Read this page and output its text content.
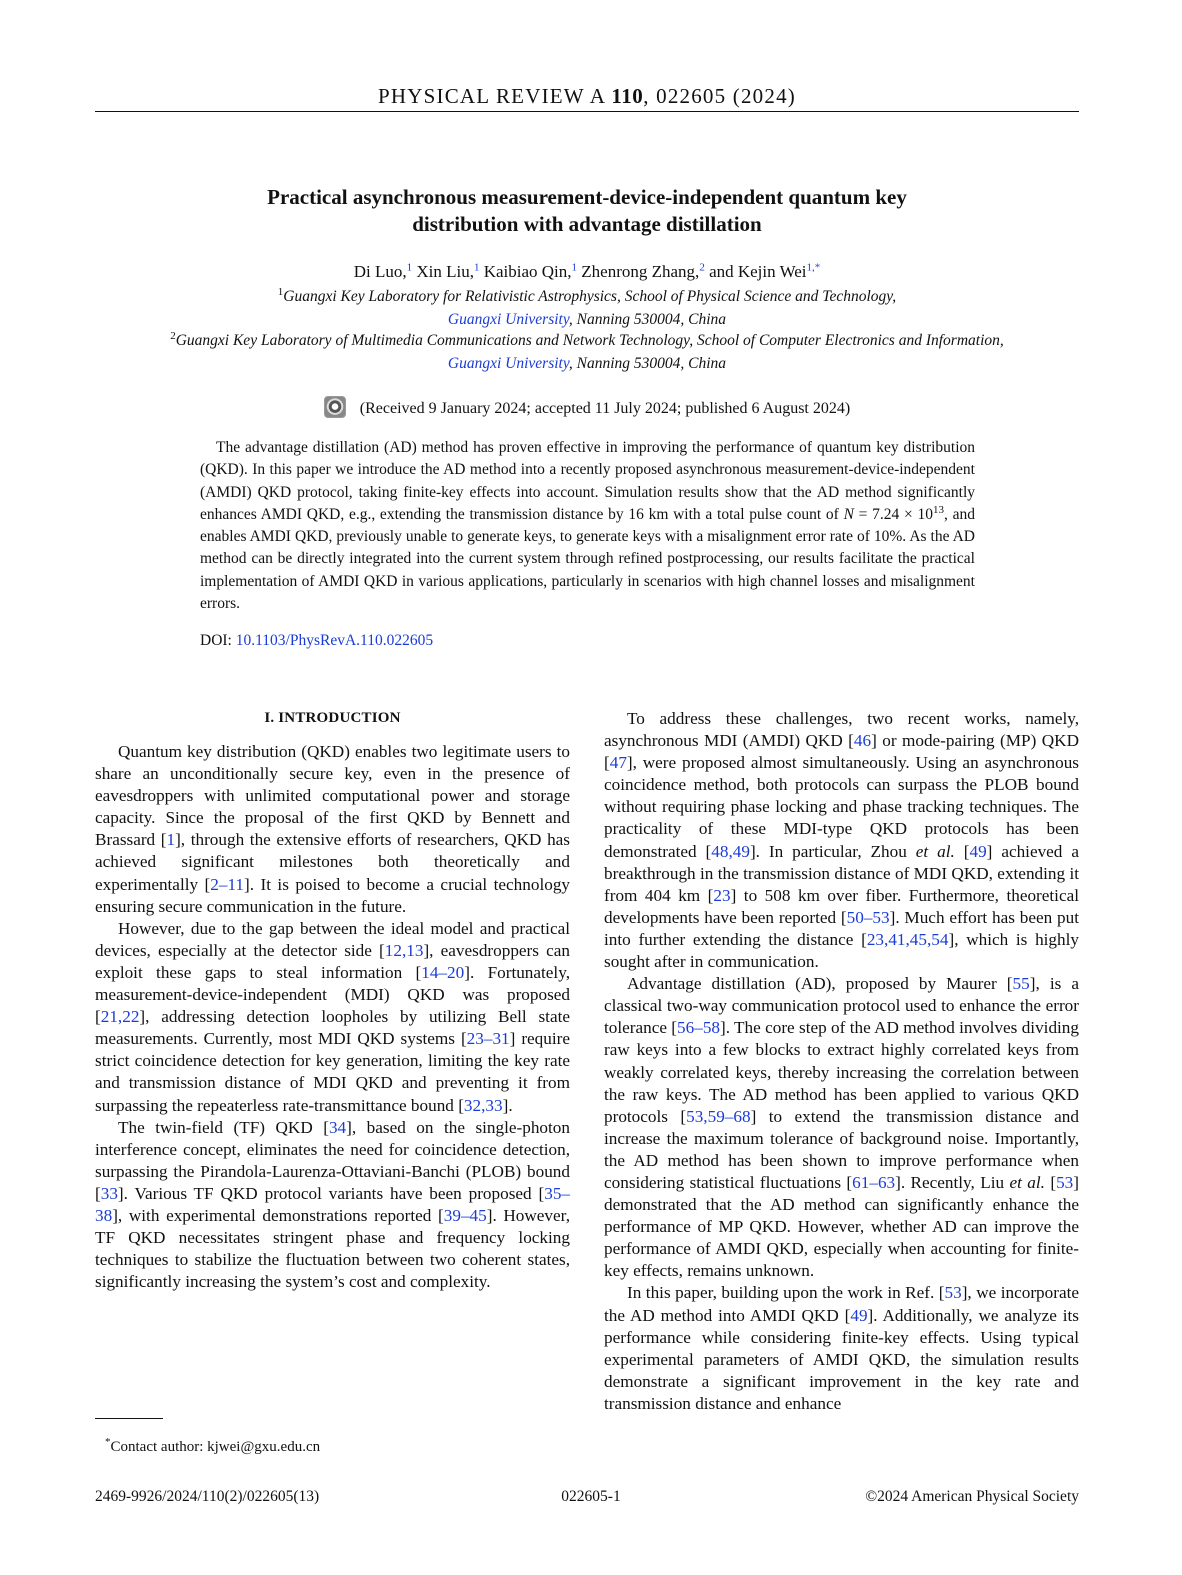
PHYSICAL REVIEW A 110, 022605 (2024)
Practical asynchronous measurement-device-independent quantum key
distribution with advantage distillation
Di Luo,$^1$ Xin Liu,$^1$ Kaibiao Qin,$^1$ Zhenrong Zhang,$^2$ and Kejin Wei$^{1,*}$
$^1$Guangxi Key Laboratory for Relativistic Astrophysics, School of Physical Science and Technology,
Guangxi University, Nanning 530004, China
$^2$Guangxi Key Laboratory of Multimedia Communications and Network Technology, School of Computer Electronics and Information,
Guangxi University, Nanning 530004, China
(Received 9 January 2024; accepted 11 July 2024; published 6 August 2024)
The advantage distillation (AD) method has proven effective in improving the performance of quantum key distribution (QKD). In this paper we introduce the AD method into a recently proposed asynchronous measurement-device-independent (AMDI) QKD protocol, taking finite-key effects into account. Simulation results show that the AD method significantly enhances AMDI QKD, e.g., extending the transmission distance by 16 km with a total pulse count of $N = 7.24 \times 10^{13}$, and enables AMDI QKD, previously unable to generate keys, to generate keys with a misalignment error rate of 10%. As the AD method can be directly integrated into the current system through refined postprocessing, our results facilitate the practical implementation of AMDI QKD in various applications, particularly in scenarios with high channel losses and misalignment errors.
DOI: 10.1103/PhysRevA.110.022605
I. INTRODUCTION

Quantum key distribution (QKD) enables two legitimate users to share an unconditionally secure key, even in the presence of eavesdroppers with unlimited computational power and storage capacity. Since the proposal of the first QKD by Bennett and Brassard [1], through the extensive efforts of researchers, QKD has achieved significant milestones both theoretically and experimentally [2–11]. It is poised to become a crucial technology ensuring secure communication in the future.

However, due to the gap between the ideal model and practical devices, especially at the detector side [12,13], eavesdroppers can exploit these gaps to steal information [14–20]. Fortunately, measurement-device-independent (MDI) QKD was proposed [21,22], addressing detection loopholes by utilizing Bell state measurements. Currently, most MDI QKD systems [23–31] require strict coincidence detection for key generation, limiting the key rate and transmission distance of MDI QKD and preventing it from surpassing the repeaterless rate-transmittance bound [32,33].

The twin-field (TF) QKD [34], based on the single-photon interference concept, eliminates the need for coincidence detection, surpassing the Pirandola-Laurenza-Ottaviani-Banchi (PLOB) bound [33]. Various TF QKD protocol variants have been proposed [35–38], with experimental demonstrations reported [39–45]. However, TF QKD necessitates stringent phase and frequency locking techniques to stabilize the fluctuation between two coherent states, significantly increasing the system’s cost and complexity.

To address these challenges, two recent works, namely, asynchronous MDI (AMDI) QKD [46] or mode-pairing (MP) QKD [47], were proposed almost simultaneously. Using an asynchronous coincidence method, both protocols can surpass the PLOB bound without requiring phase locking and phase tracking techniques. The practicality of these MDI-type QKD protocols has been demonstrated [48,49]. In particular, Zhou et al. [49] achieved a breakthrough in the transmission distance of MDI QKD, extending it from 404 km [23] to 508 km over fiber. Furthermore, theoretical developments have been reported [50–53]. Much effort has been put into further extending the distance [23,41,45,54], which is highly sought after in communication.

Advantage distillation (AD), proposed by Maurer [55], is a classical two-way communication protocol used to enhance the error tolerance [56–58]. The core step of the AD method involves dividing raw keys into a few blocks to extract highly correlated keys from weakly correlated keys, thereby increasing the correlation between the raw keys. The AD method has been applied to various QKD protocols [53,59–68] to extend the transmission distance and increase the maximum tolerance of background noise. Importantly, the AD method has been shown to improve performance when considering statistical fluctuations [61–63]. Recently, Liu et al. [53] demonstrated that the AD method can significantly enhance the performance of MP QKD. However, whether AD can improve the performance of AMDI QKD, especially when accounting for finite-key effects, remains unknown.

In this paper, building upon the work in Ref. [53], we incorporate the AD method into AMDI QKD [49]. Additionally, we analyze its performance while considering finite-key effects. Using typical experimental parameters of AMDI QKD, the simulation results demonstrate a significant improvement in the key rate and transmission distance and enhance

*Contact author: kjwei@gxu.edu.cn
2469-9926/2024/110(2)/022605(13)	022605-1	©2024 American Physical Society
